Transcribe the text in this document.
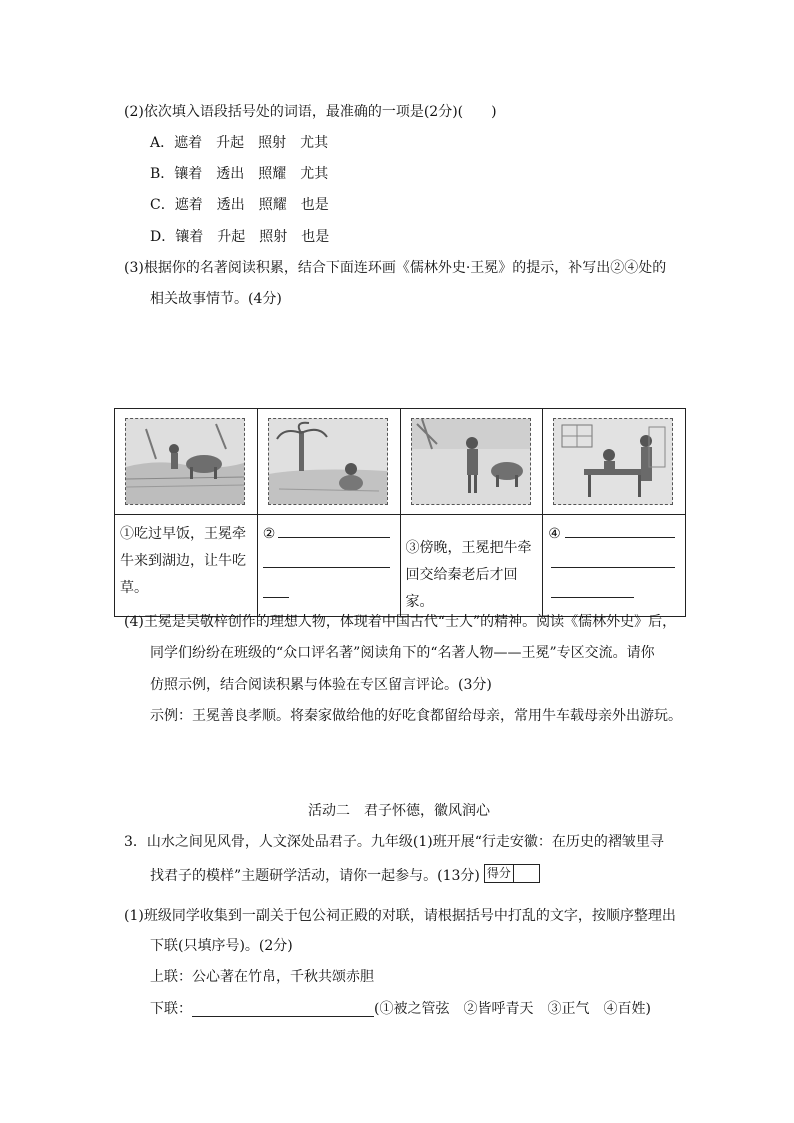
(2)依次填入语段括号处的词语，最准确的一项是(2分)(　　)
A．遮着　升起　照射　尤其
B．镶着　透出　照耀　尤其
C．遮着　透出　照耀　也是
D．镶着　升起　照射　也是
(3)根据你的名著阅读积累，结合下面连环画《儒林外史·王冕》的提示，补写出②④处的
相关故事情节。(4分)

①吃过早饭，王冕牵牛来到湖边，让牛吃草。	②	③傍晚，王冕把牛牵回交给秦老后才回家。	④
(4)王冕是吴敬梓创作的理想人物，体现着中国古代“士人”的精神。阅读《儒林外史》后，
同学们纷纷在班级的“众口评名著”阅读角下的“名著人物——王冕”专区交流。请你
仿照示例，结合阅读积累与体验在专区留言评论。(3分)
示例：王冕善良孝顺。将秦家做给他的好吃食都留给母亲，常用牛车载母亲外出游玩。
活动二　君子怀德，徽风润心
3．山水之间见风骨，人文深处品君子。九年级(1)班开展“行走安徽：在历史的褶皱里寻
找君子的模样”主题研学活动，请你一起参与。(13分) 得分
(1)班级同学收集到一副关于包公祠正殿的对联，请根据括号中打乱的文字，按顺序整理出
下联(只填序号)。(2分)
上联：公心著在竹帛，千秋共颂赤胆
下联：	(①被之管弦　②皆呼青天　③正气　④百姓)
